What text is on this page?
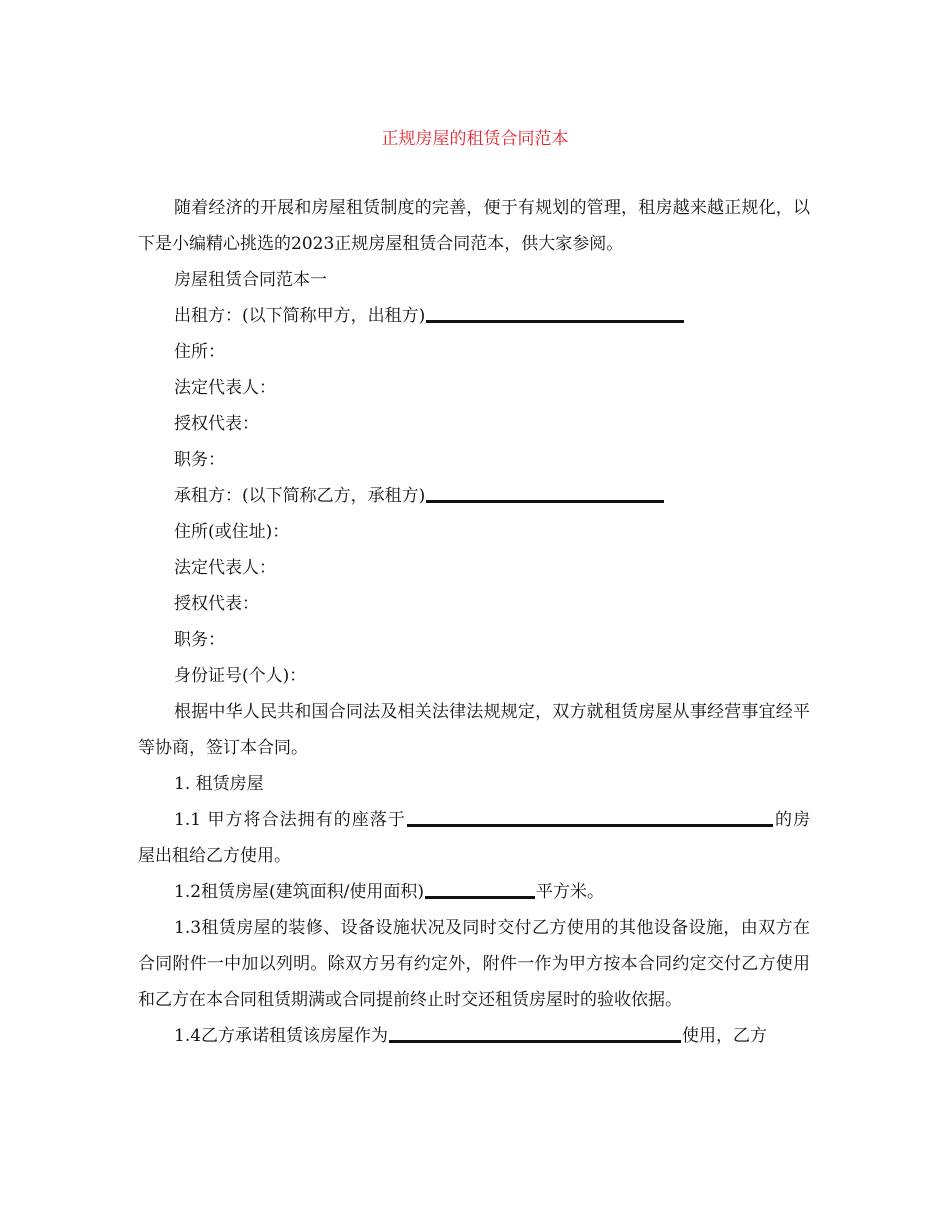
正规房屋的租赁合同范本

随着经济的开展和房屋租赁制度的完善，便于有规划的管理，租房越来越正规化，以下是小编精心挑选的2023正规房屋租赁合同范本，供大家参阅。

房屋租赁合同范本一

出租方：(以下简称甲方，出租方)

住所：

法定代表人：

授权代表：

职务：

承租方：(以下简称乙方，承租方)

住所(或住址)：

法定代表人：

授权代表：

职务：

身份证号(个人)：

根据中华人民共和国合同法及相关法律法规规定，双方就租赁房屋从事经营事宜经平等协商，签订本合同。

1. 租赁房屋

1.1 甲方将合法拥有的座落于	的房屋出租给乙方使用。

1.2租赁房屋(建筑面积/使用面积)	平方米。

1.3租赁房屋的装修、设备设施状况及同时交付乙方使用的其他设备设施，由双方在合同附件一中加以列明。除双方另有约定外，附件一作为甲方按本合同约定交付乙方使用和乙方在本合同租赁期满或合同提前终止时交还租赁房屋时的验收依据。

1.4乙方承诺租赁该房屋作为	使用，乙方
